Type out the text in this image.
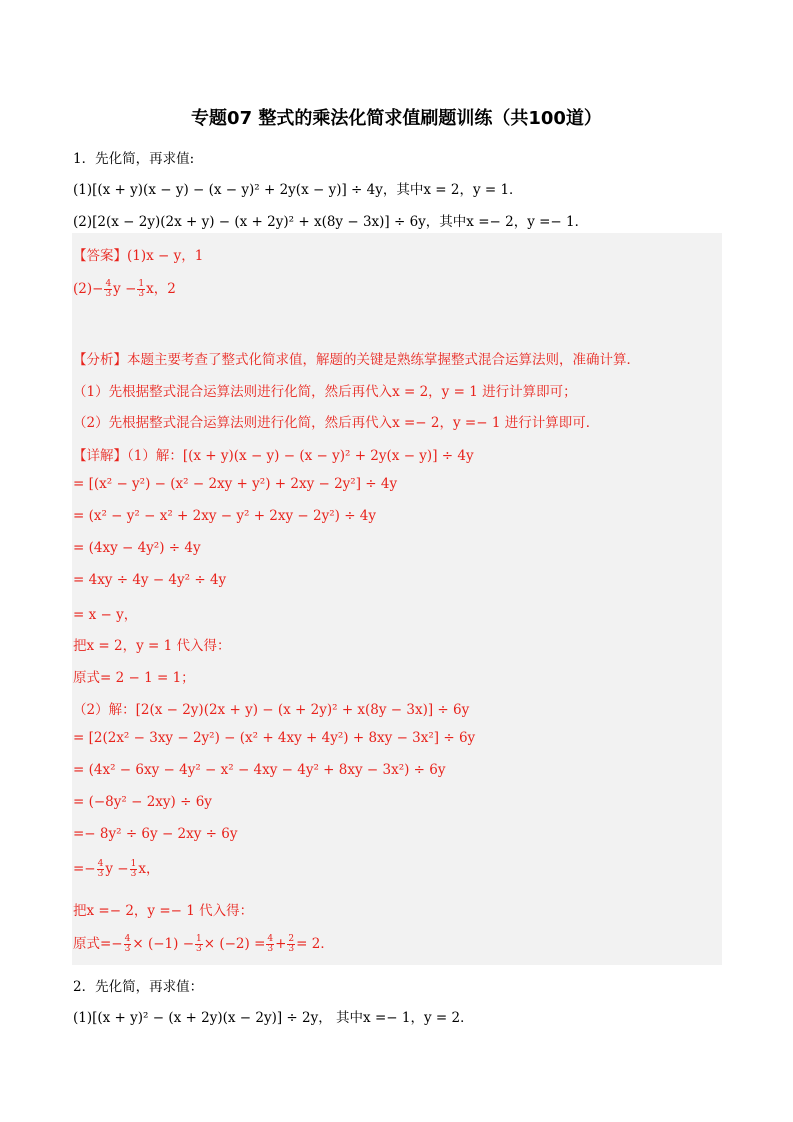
专题07 整式的乘法化简求值刷题训练（共100道）
1．先化简，再求值:
(1)[(x + y)(x − y) − (x − y)² + 2y(x − y)] ÷ 4y，其中x = 2，y = 1．
(2)[2(x − 2y)(2x + y) − (x + 2y)² + x(8y − 3x)] ÷ 6y，其中x =− 2，y =− 1．
【答案】(1)x − y，1
$(2)- \frac{4}{3}$ $y - \frac{1}{3}$ x，2
【分析】本题主要考查了整式化简求值，解题的关键是熟练掌握整式混合运算法则，准确计算．
（1）先根据整式混合运算法则进行化简，然后再代入x = 2，y = 1 进行计算即可；
（2）先根据整式混合运算法则进行化简，然后再代入x =− 2，y =− 1 进行计算即可．
【详解】（1）解：[(x + y)(x − y) − (x − y)² + 2y(x − y)] ÷ 4y
= [(x² − y²) − (x² − 2xy + y²) + 2xy − 2y²] ÷ 4y
= (x² − y² − x² + 2xy − y² + 2xy − 2y²) ÷ 4y
= (4xy − 4y²) ÷ 4y
= 4xy ÷ 4y − 4y² ÷ 4y
= x − y，
把x = 2，y = 1 代入得：
原式= 2 − 1 = 1；
（2）解：[2(x − 2y)(2x + y) − (x + 2y)² + x(8y − 3x)] ÷ 6y
= [2(2x² − 3xy − 2y²) − (x² + 4xy + 4y²) + 8xy − 3x²] ÷ 6y
= (4x² − 6xy − 4y² − x² − 4xy − 4y² + 8xy − 3x²) ÷ 6y
= (−8y² − 2xy) ÷ 6y
=− 8y² ÷ 6y − 2xy ÷ 6y
=− $\frac{4}{3}$ $y - \frac{1}{3}$ x，
把x =− 2，y =− 1 代入得：
原式=− $\frac{4}{3} \times (-1) - \frac{1}{3} \times (-2) = \frac{4}{3} + \frac{2}{3} = 2$．
2．先化简，再求值：
(1)[(x + y)² − (x + 2y)(x − 2y)] ÷ 2y， 其中x =− 1，y = 2．
